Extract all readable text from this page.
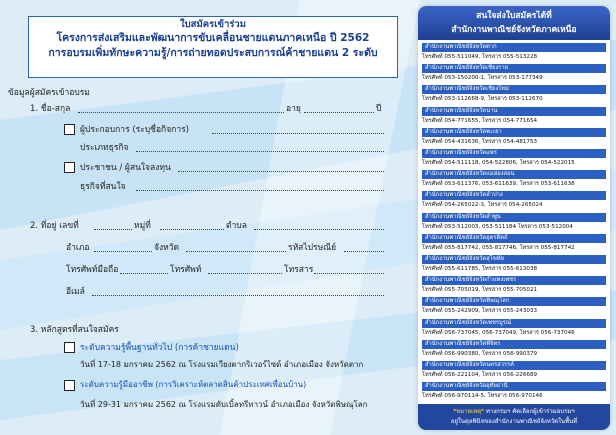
ใบสมัครเข้าร่วม
โครงการส่งเสริมและพัฒนาการขับเคลื่อนชายแดนภาคเหนือ ปี 2562
การอบรมเพิ่มทักษะความรู้/การถ่ายทอดประสบการณ์ค้าชายแดน 2 ระดับ
ข้อมูลผู้สมัครเข้าอบรม
1. ชื่อ-สกุล	อายุ	ปี
ผู้ประกอบการ (ระบุชื่อกิจการ)
ประเภทธุรกิจ
ประชาชน / ผู้สนใจลงทุน
ธุรกิจที่สนใจ
2. ที่อยู่ เลขที่	หมู่ที่	ตำบล
อำเภอ	จังหวัด	รหัสไปรษณีย์
โทรศัพท์มือถือ	โทรศัพท์	โทรสาร
อีเมล์
3. หลักสูตรที่สนใจสมัคร
ระดับความรู้พื้นฐานทั่วไป (การค้าชายแดน)
วันที่ 17-18 มกราคม 2562 ณ โรงแรมเวียงตากริเวอร์ไซด์ อำเภอเมือง จังหวัดตาก
ระดับความรู้มืออาชีพ (การวิเคราะห์ตลาดสินค้าประเทศเพื่อนบ้าน)
วันที่ 29-31 มกราคม 2562 ณ โรงแรมดับเบิ้ลทรีทาวน์ อำเภอเมือง จังหวัดพิษณุโลก
สนใจส่งใบสมัครได้ที่
สำนักงานพาณิชย์จังหวัดภาคเหนือ
สำนักงานพาณิชย์จังหวัดตาก
โทรศัพท์ 055-511049, โทรสาร 055-513228
สำนักงานพาณิชย์จังหวัดเชียงราย
โทรศัพท์ 053-150200-1, โทรสาร 053-177349
สำนักงานพาณิชย์จังหวัดเชียงใหม่
โทรศัพท์ 053-112668-9, โทรสาร 053-112670
สำนักงานพาณิชย์จังหวัดน่าน
โทรศัพท์ 054-771655, โทรสาร 054-771654
สำนักงานพาณิชย์จังหวัดพะเยา
โทรศัพท์ 054-431636, โทรสาร 054-481753
สำนักงานพาณิชย์จังหวัดแพร่
โทรศัพท์ 054-511118, 054-522806, โทรสาร 054-522015
สำนักงานพาณิชย์จังหวัดแม่ฮ่องสอน
โทรศัพท์ 053-611376, 053-611639, โทรสาร 053-611638
สำนักงานพาณิชย์จังหวัดลำปาง
โทรศัพท์ 054-265022-3, โทรสาร 054-265024
สำนักงานพาณิชย์จังหวัดลำพูน
โทรศัพท์ 053-512003, 053-511184 โทรสาร 053-512004
สำนักงานพาณิชย์จังหวัดอุตรดิตถ์
โทรศัพท์ 055-817742, 055-817746, โทรสาร 055-817742
สำนักงานพาณิชย์จังหวัดสุโขทัย
โทรศัพท์ 055-611785, โทรสาร 055-613038
สำนักงานพาณิชย์จังหวัดกำแพงเพชร
โทรศัพท์ 055-705019, โทรสาร 055-705021
สำนักงานพาณิชย์จังหวัดพิษณุโลก
โทรศัพท์ 055-242909, โทรสาร 055-243033
สำนักงานพาณิชย์จังหวัดเพชรบูรณ์
โทรศัพท์ 056-737045, 056-737049, โทรสาร 056-737046
สำนักงานพาณิชย์จังหวัดพิจิตร
โทรศัพท์ 056-990380, โทรสาร 056-990379
สำนักงานพาณิชย์จังหวัดนครสวรรค์
โทรศัพท์ 056-221104, โทรสาร 056-226689
สำนักงานพาณิชย์จังหวัดอุทัยธานี
โทรศัพท์ 056-970114-5, โทรสาร 056-970146
*หมายเหตุ* ทางกรมฯ คัดเลือกผู้เข้าร่วมอบรมฯ
อยู่ในดุลพินิจของสำนักงานพาณิชย์จังหวัดในพื้นที่
